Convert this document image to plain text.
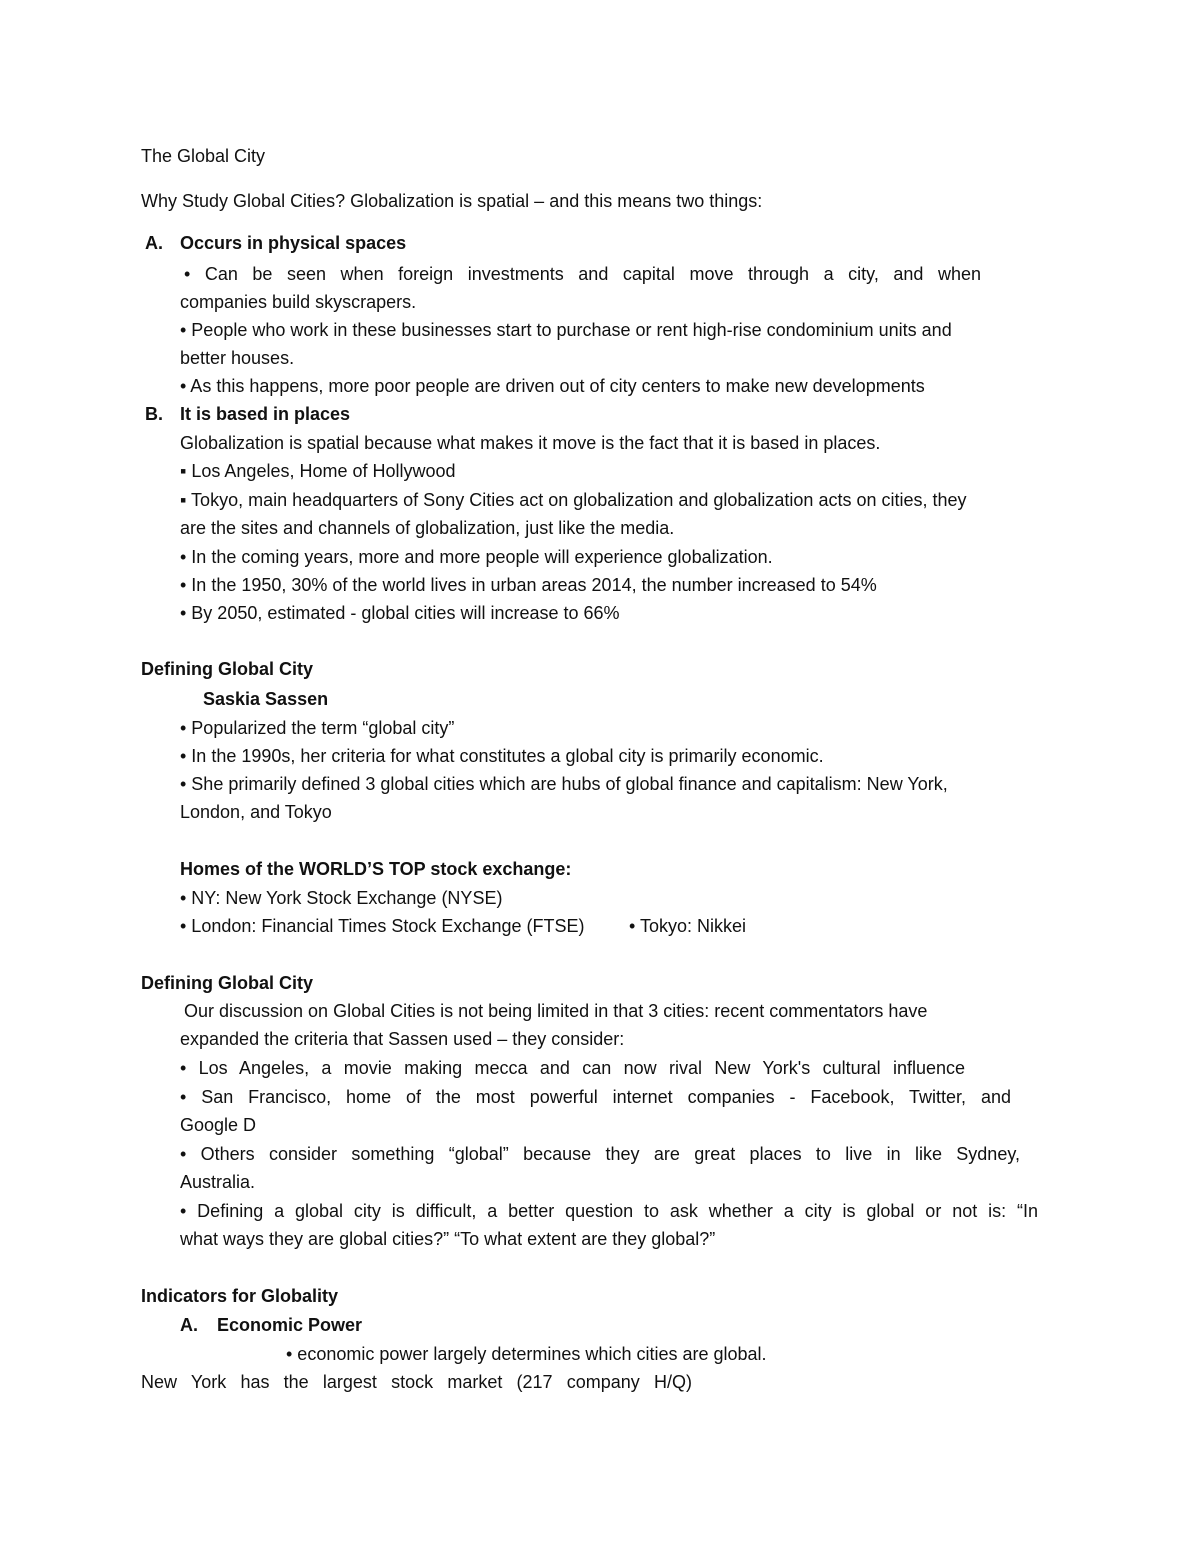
The Global City
Why Study Global Cities? Globalization is spatial – and this means two things:
A. Occurs in physical spaces
• Can be seen when foreign investments and capital move through a city, and when
companies build skyscrapers.
• People who work in these businesses start to purchase or rent high-rise condominium units and
better houses.
• As this happens, more poor people are driven out of city centers to make new developments
B. It is based in places
Globalization is spatial because what makes it move is the fact that it is based in places.
▪ Los Angeles, Home of Hollywood
▪ Tokyo, main headquarters of Sony Cities act on globalization and globalization acts on cities, they
are the sites and channels of globalization, just like the media.
• In the coming years, more and more people will experience globalization.
• In the 1950, 30% of the world lives in urban areas 2014, the number increased to 54%
• By 2050, estimated - global cities will increase to 66%
Defining Global City
Saskia Sassen
• Popularized the term “global city”
• In the 1990s, her criteria for what constitutes a global city is primarily economic.
• She primarily defined 3 global cities which are hubs of global finance and capitalism: New York,
London, and Tokyo
Homes of the WORLD’S TOP stock exchange:
• NY: New York Stock Exchange (NYSE)
• London: Financial Times Stock Exchange (FTSE) • Tokyo: Nikkei
Defining Global City
Our discussion on Global Cities is not being limited in that 3 cities: recent commentators have
expanded the criteria that Sassen used – they consider:
• Los Angeles, a movie making mecca and can now rival New York's cultural influence
• San Francisco, home of the most powerful internet companies - Facebook, Twitter, and
Google D
• Others consider something “global” because they are great places to live in like Sydney,
Australia.
• Defining a global city is difficult, a better question to ask whether a city is global or not is: “In
what ways they are global cities?” “To what extent are they global?”
Indicators for Globality
A. Economic Power
• economic power largely determines which cities are global.
New York has the largest stock market (217 company H/Q)
